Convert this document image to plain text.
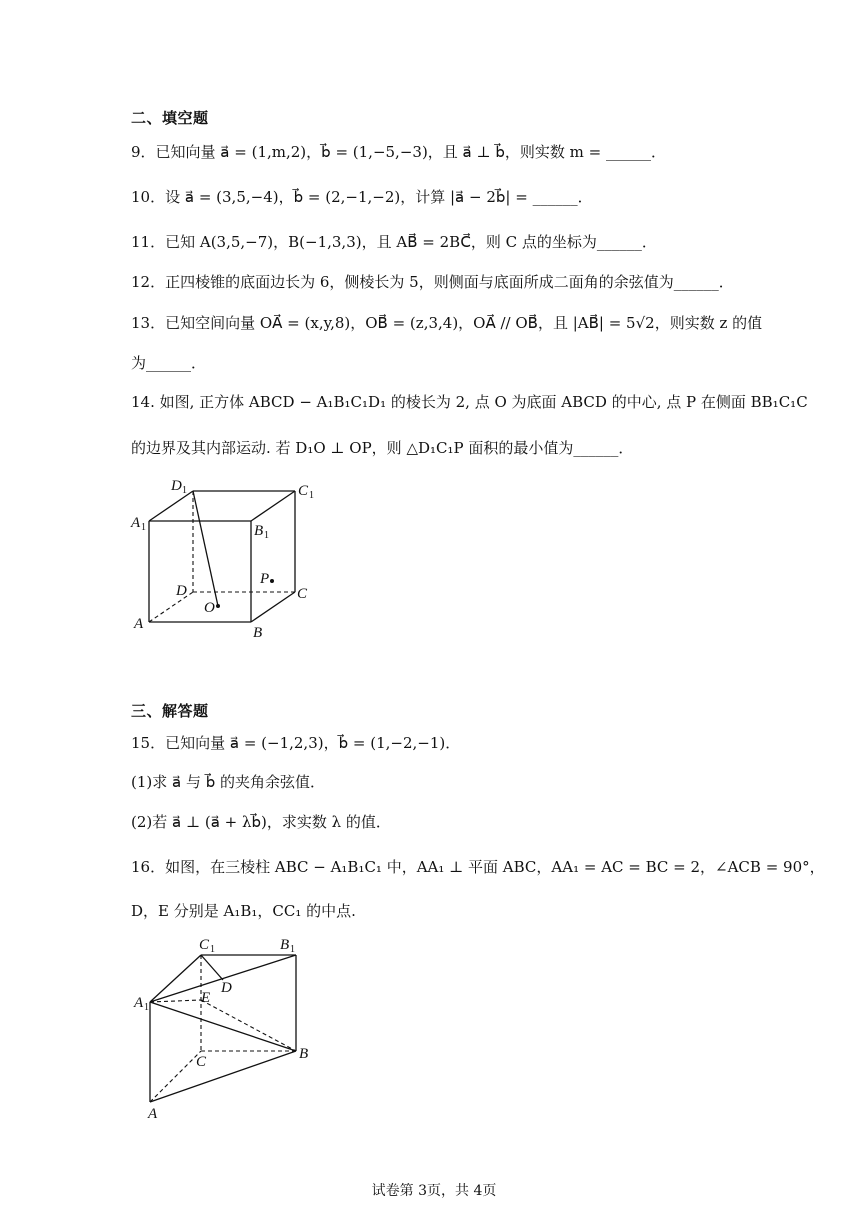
二、填空题
9．已知向量 a⃗ = (1,m,2)，b⃗ = (1,−5,−3)，且 a⃗ ⊥ b⃗，则实数 m = ______．
10．设 a⃗ = (3,5,−4)，b⃗ = (2,−1,−2)，计算 |a⃗ − 2b⃗| = ______．
11．已知 A(3,5,−7)，B(−1,3,3)，且 AB⃗ = 2BC⃗，则 C 点的坐标为______．
12．正四棱锥的底面边长为 6，侧棱长为 5，则侧面与底面所成二面角的余弦值为______．
13．已知空间向量 OA⃗ = (x,y,8)，OB⃗ = (z,3,4)，OA⃗ // OB⃗，且 |AB⃗| = 5√2，则实数 z 的值
为______．
14. 如图, 正方体 ABCD − A₁B₁C₁D₁ 的棱长为 2, 点 O 为底面 ABCD 的中心, 点 P 在侧面 BB₁C₁C
的边界及其内部运动. 若 D₁O ⊥ OP，则 △D₁C₁P 面积的最小值为______．
D 1	C 1
A 1	B 1
D
P
C
O
A
B
三、解答题
15．已知向量 a⃗ = (−1,2,3)，b⃗ = (1,−2,−1)．
(1)求 a⃗ 与 b⃗ 的夹角余弦值．
(2)若 a⃗ ⊥ (a⃗ + λb⃗)，求实数 λ 的值．
16．如图，在三棱柱 ABC − A₁B₁C₁ 中，AA₁ ⊥ 平面 ABC，AA₁ = AC = BC = 2，∠ACB = 90°，
D，E 分别是 A₁B₁，CC₁ 的中点.
C 1	B 1
A 1
D
E
C	B
A
试卷第 3页，共 4页
